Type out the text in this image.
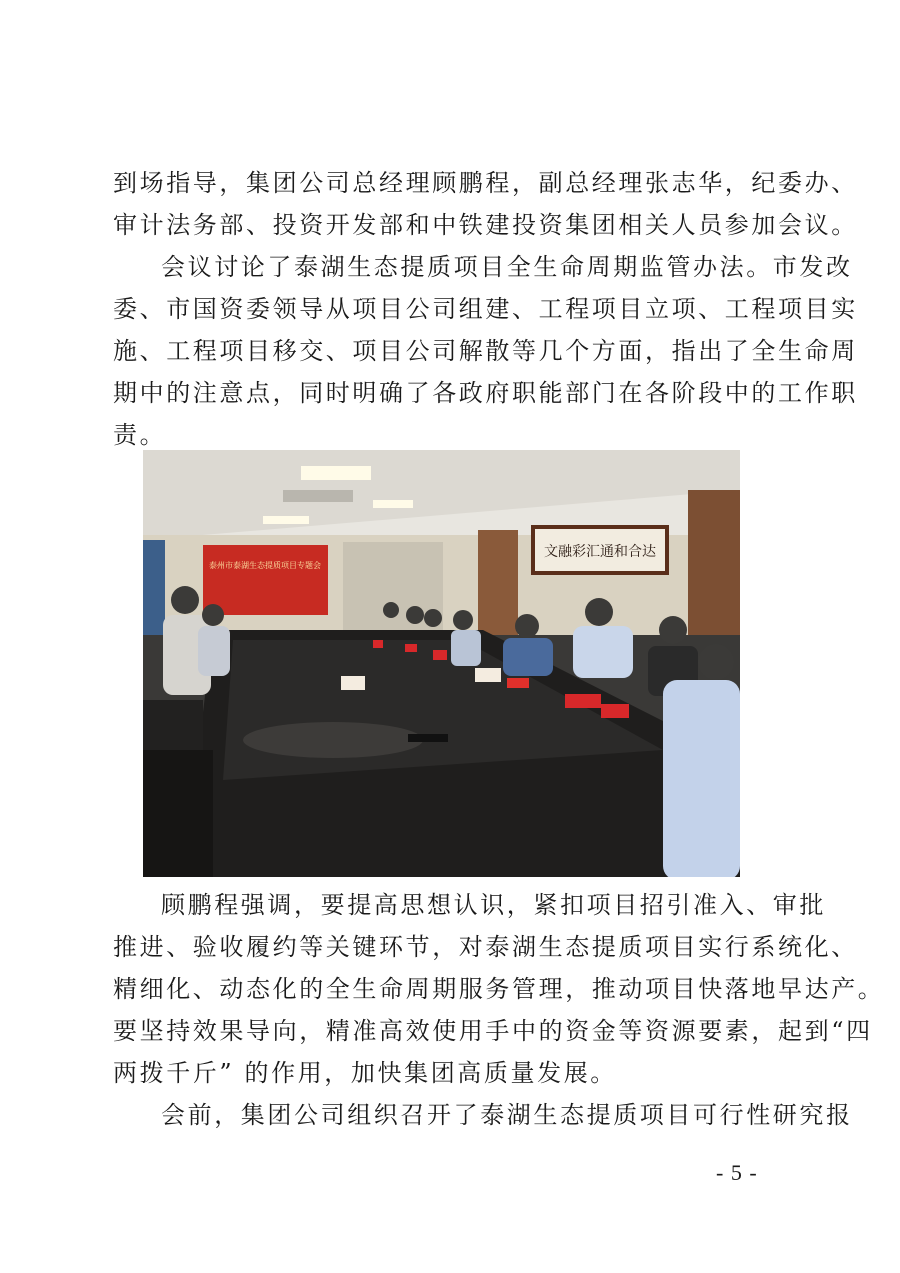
到场指导，集团公司总经理顾鹏程，副总经理张志华，纪委办、
审计法务部、投资开发部和中铁建投资集团相关人员参加会议。

会议讨论了泰湖生态提质项目全生命周期监管办法。市发改
委、市国资委领导从项目公司组建、工程项目立项、工程项目实
施、工程项目移交、项目公司解散等几个方面，指出了全生命周
期中的注意点，同时明确了各政府职能部门在各阶段中的工作职
责。

泰州市泰湖生态提质项目专题会
文融彩汇通和合达

顾鹏程强调，要提高思想认识，紧扣项目招引准入、审批
推进、验收履约等关键环节，对泰湖生态提质项目实行系统化、
精细化、动态化的全生命周期服务管理，推动项目快落地早达产。
要坚持效果导向，精准高效使用手中的资金等资源要素，起到“四
两拨千斤” 的作用，加快集团高质量发展。

会前，集团公司组织召开了泰湖生态提质项目可行性研究报

- 5 -
